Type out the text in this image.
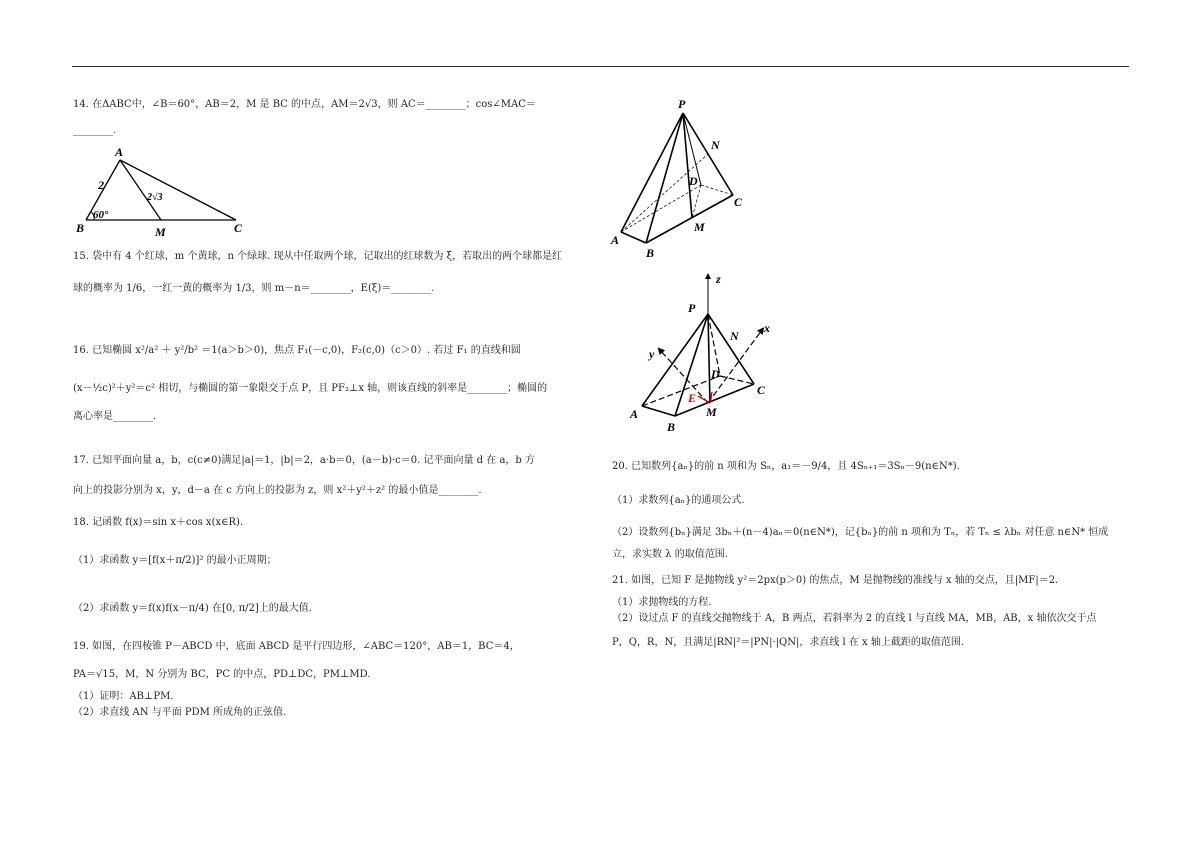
14. 在ΔABC中，∠B＝60°，AB＝2，M 是 BC 的中点，AM＝2√3，则 AC＝________；cos∠MAC＝
________.
A
B	C
M
2
60°
2√3
15. 袋中有 4 个红球，m 个黄球，n 个绿球. 现从中任取两个球，记取出的红球数为 ξ，若取出的两个球都是红
球的概率为 1/6，一红一黄的概率为 1/3，则 m－n＝________，E(ξ)＝________.
16. 已知椭圆 x²/a² ＋ y²/b² ＝1(a＞b＞0)，焦点 F₁(－c,0)，F₂(c,0)（c＞0）. 若过 F₁ 的直线和圆
(x－½c)²＋y²＝c² 相切，与椭圆的第一象限交于点 P，且 PF₂⊥x 轴，则该直线的斜率是________；椭圆的
离心率是________.
17. 已知平面向量 a，b，c(c≠0)满足|a|＝1，|b|＝2，a·b＝0，(a－b)·c＝0. 记平面向量 d 在 a，b 方
向上的投影分别为 x，y，d－a 在 c 方向上的投影为 z，则 x²＋y²＋z² 的最小值是________.
18. 记函数 f(x)＝sin x＋cos x(x∈R).
（1）求函数 y＝[f(x＋π/2)]² 的最小正周期；
（2）求函数 y＝f(x)f(x－π/4) 在[0, π/2]上的最大值.
19. 如图，在四棱锥 P－ABCD 中，底面 ABCD 是平行四边形，∠ABC＝120°，AB＝1，BC＝4，
PA＝√15，M，N 分别为 BC，PC 的中点，PD⊥DC，PM⊥MD.
（1）证明：AB⊥PM.
（2）求直线 AN 与平面 PDM 所成角的正弦值.
P
N
D
C
M
A
B
z
P
x
y
N
D
C
E
M
A
B
20. 已知数列{aₙ}的前 n 项和为 Sₙ，a₁＝－9/4，且 4Sₙ₊₁＝3Sₙ－9(n∈N*).
（1）求数列{aₙ}的通项公式.
（2）设数列{bₙ}满足 3bₙ＋(n－4)aₙ＝0(n∈N*)，记{bₙ}的前 n 项和为 Tₙ，若 Tₙ ≤ λbₙ 对任意 n∈N* 恒成
立，求实数 λ 的取值范围.
21. 如图，已知 F 是抛物线 y²＝2px(p＞0) 的焦点，M 是抛物线的准线与 x 轴的交点，且|MF|＝2.
（1）求抛物线的方程.
（2）设过点 F 的直线交抛物线于 A，B 两点，若斜率为 2 的直线 l 与直线 MA，MB，AB，x 轴依次交于点
P，Q，R，N，且满足|RN|²＝|PN|·|QN|，求直线 l 在 x 轴上截距的取值范围.
